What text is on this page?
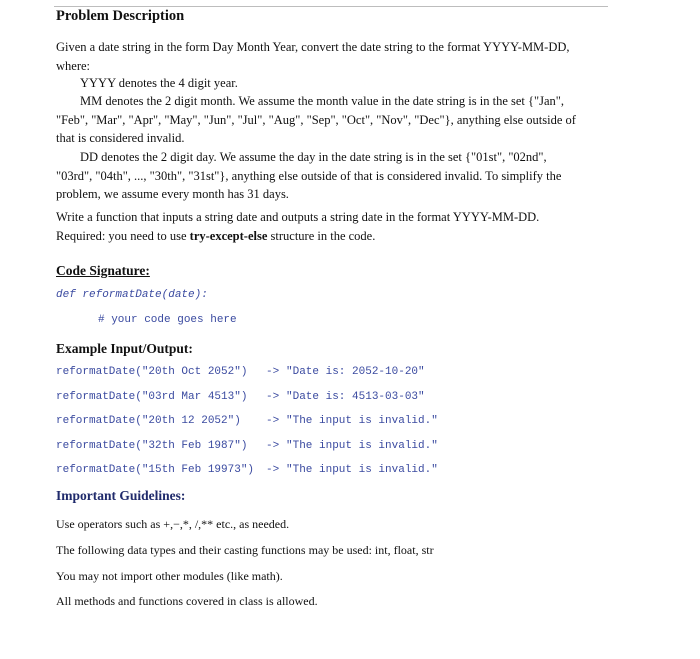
Problem Description
Given a date string in the form Day Month Year, convert the date string to the format YYYY-MM-DD,
where:
YYYY denotes the 4 digit year.
MM denotes the 2 digit month. We assume the month value in the date string is in the set {"Jan",
"Feb", "Mar", "Apr", "May", "Jun", "Jul", "Aug", "Sep", "Oct", "Nov", "Dec"}, anything else outside of
that is considered invalid.
DD denotes the 2 digit day. We assume the day in the date string is in the set {"01st", "02nd",
"03rd", "04th", ..., "30th", "31st"}, anything else outside of that is considered invalid. To simplify the
problem, we assume every month has 31 days.
Write a function that inputs a string date and outputs a string date in the format YYYY-MM-DD.
Required: you need to use try-except-else structure in the code.
Code Signature:
def reformatDate(date):
# your code goes here
Example Input/Output:
reformatDate("20th Oct 2052") -> "Date is: 2052-10-20"
reformatDate("03rd Mar 4513") -> "Date is: 4513-03-03"
reformatDate("20th 12 2052") -> "The input is invalid."
reformatDate("32th Feb 1987") -> "The input is invalid."
reformatDate("15th Feb 19973") -> "The input is invalid."
Important Guidelines:
Use operators such as +,−,*, /,** etc., as needed.
The following data types and their casting functions may be used: int, float, str
You may not import other modules (like math).
All methods and functions covered in class is allowed.
